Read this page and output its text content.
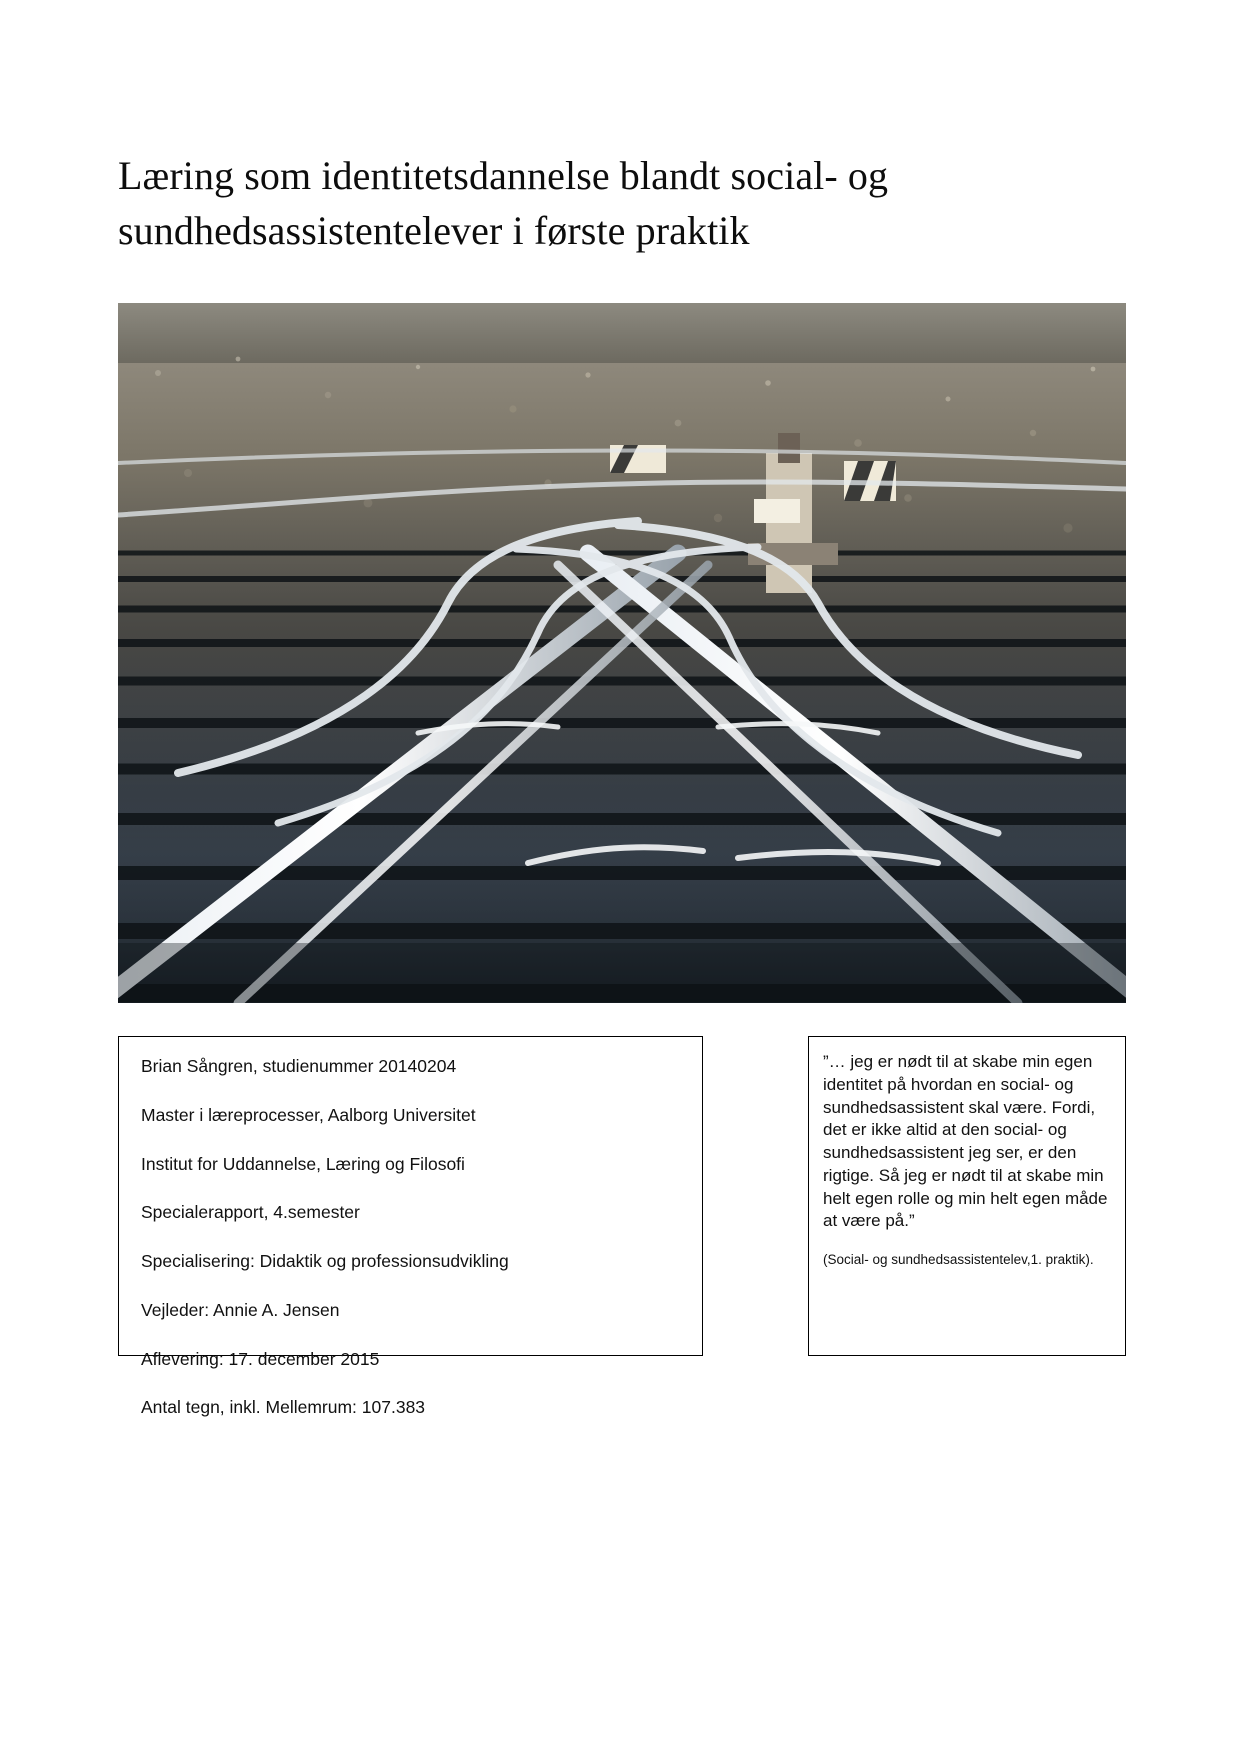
Læring som identitetsdannelse blandt social- og sundhedsassistentelever i første praktik

Brian Sångren, studienummer 20140204

Master i læreprocesser, Aalborg Universitet

Institut for Uddannelse, Læring og Filosofi

Specialerapport, 4.semester

Specialisering: Didaktik og professionsudvikling

Vejleder: Annie A. Jensen

Aflevering: 17. december 2015

Antal tegn, inkl. Mellemrum: 107.383

”… jeg er nødt til at skabe min egen identitet på hvordan en social- og sundhedsassistent skal være. Fordi, det er ikke altid at den social- og sundhedsassistent jeg ser, er den rigtige. Så jeg er nødt til at skabe min helt egen rolle og min helt egen måde at være på.”

(Social- og sundhedsassistentelev,1. praktik).
